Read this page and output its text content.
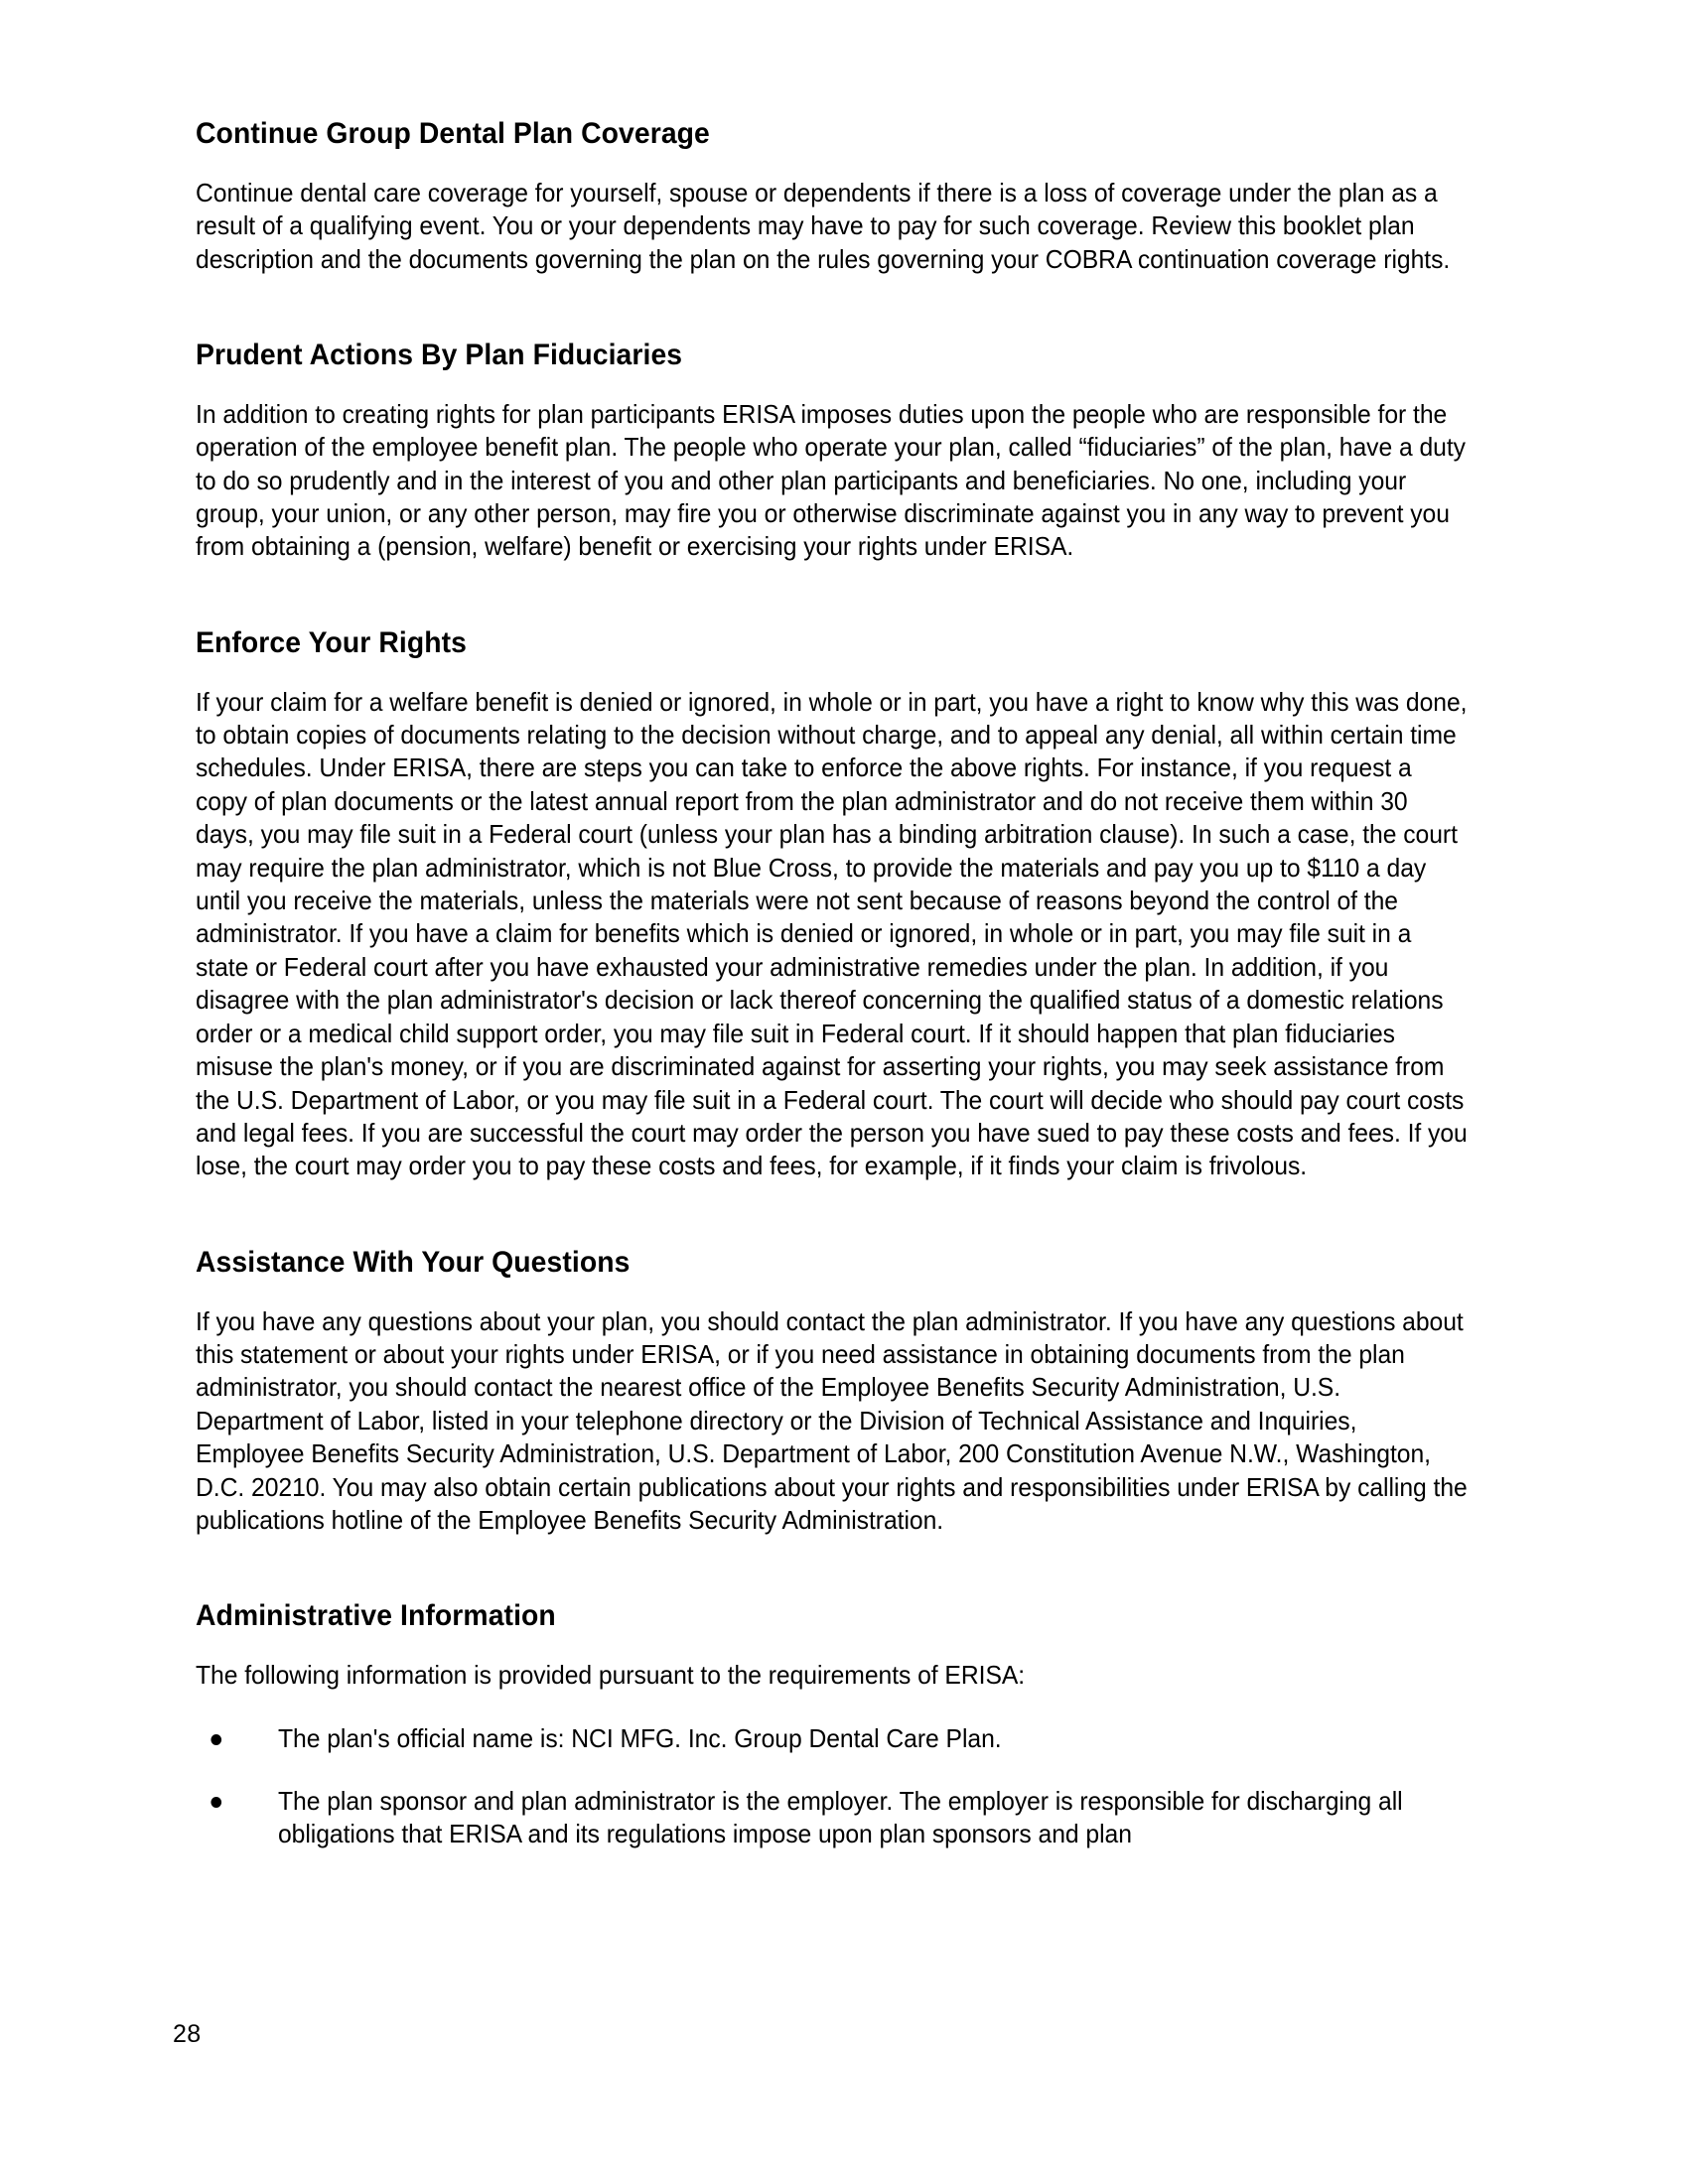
Continue Group Dental Plan Coverage

Continue dental care coverage for yourself, spouse or dependents if there is a loss of coverage under the plan as a result of a qualifying event. You or your dependents may have to pay for such coverage. Review this booklet plan description and the documents governing the plan on the rules governing your COBRA continuation coverage rights.

Prudent Actions By Plan Fiduciaries

In addition to creating rights for plan participants ERISA imposes duties upon the people who are responsible for the operation of the employee benefit plan. The people who operate your plan, called “fiduciaries” of the plan, have a duty to do so prudently and in the interest of you and other plan participants and beneficiaries. No one, including your group, your union, or any other person, may fire you or otherwise discriminate against you in any way to prevent you from obtaining a (pension, welfare) benefit or exercising your rights under ERISA.

Enforce Your Rights

If your claim for a welfare benefit is denied or ignored, in whole or in part, you have a right to know why this was done, to obtain copies of documents relating to the decision without charge, and to appeal any denial, all within certain time schedules. Under ERISA, there are steps you can take to enforce the above rights. For instance, if you request a copy of plan documents or the latest annual report from the plan administrator and do not receive them within 30 days, you may file suit in a Federal court (unless your plan has a binding arbitration clause). In such a case, the court may require the plan administrator, which is not Blue Cross, to provide the materials and pay you up to $110 a day until you receive the materials, unless the materials were not sent because of reasons beyond the control of the administrator. If you have a claim for benefits which is denied or ignored, in whole or in part, you may file suit in a state or Federal court after you have exhausted your administrative remedies under the plan. In addition, if you disagree with the plan administrator's decision or lack thereof concerning the qualified status of a domestic relations order or a medical child support order, you may file suit in Federal court. If it should happen that plan fiduciaries misuse the plan's money, or if you are discriminated against for asserting your rights, you may seek assistance from the U.S. Department of Labor, or you may file suit in a Federal court. The court will decide who should pay court costs and legal fees. If you are successful the court may order the person you have sued to pay these costs and fees. If you lose, the court may order you to pay these costs and fees, for example, if it finds your claim is frivolous.

Assistance With Your Questions

If you have any questions about your plan, you should contact the plan administrator. If you have any questions about this statement or about your rights under ERISA, or if you need assistance in obtaining documents from the plan administrator, you should contact the nearest office of the Employee Benefits Security Administration, U.S. Department of Labor, listed in your telephone directory or the Division of Technical Assistance and Inquiries, Employee Benefits Security Administration, U.S. Department of Labor, 200 Constitution Avenue N.W., Washington, D.C. 20210. You may also obtain certain publications about your rights and responsibilities under ERISA by calling the publications hotline of the Employee Benefits Security Administration.

Administrative Information

The following information is provided pursuant to the requirements of ERISA:

The plan's official name is: NCI MFG. Inc. Group Dental Care Plan.
The plan sponsor and plan administrator is the employer. The employer is responsible for discharging all obligations that ERISA and its regulations impose upon plan sponsors and plan
28
